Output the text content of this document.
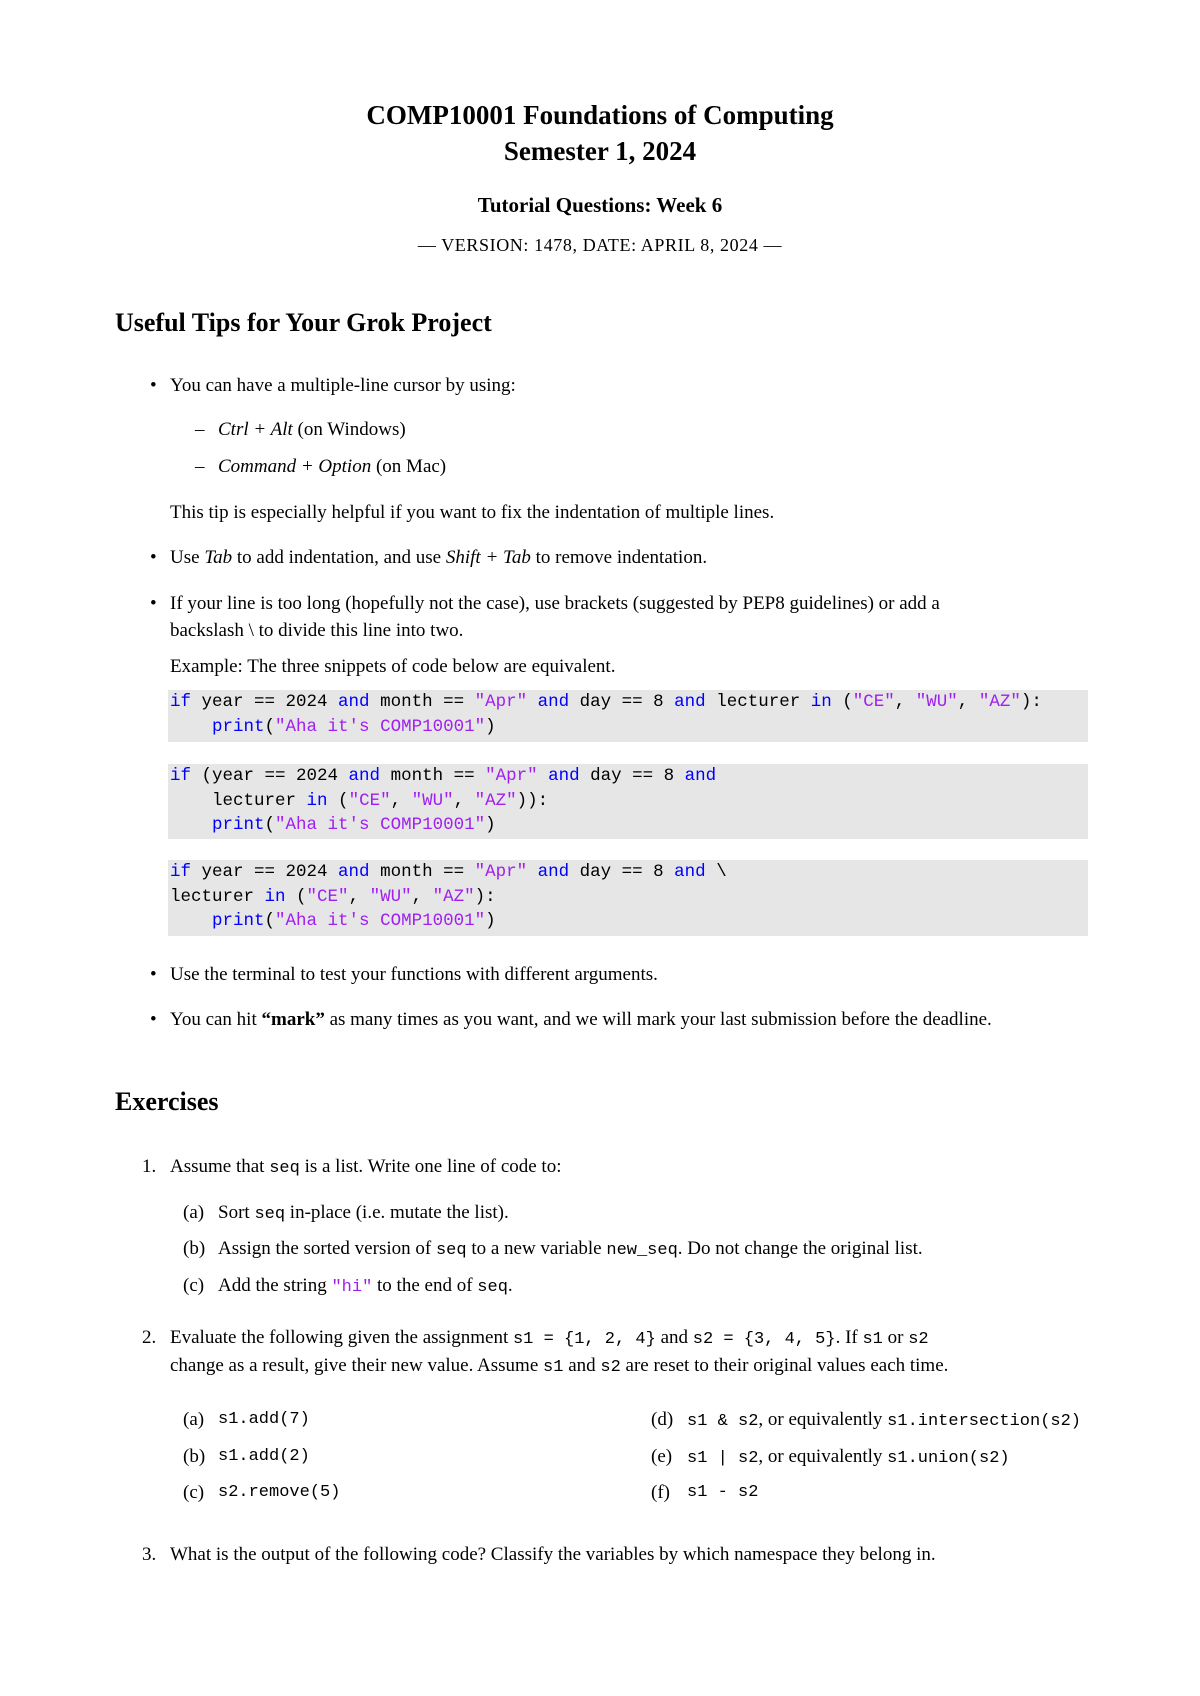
COMP10001 Foundations of Computing
Semester 1, 2024
Tutorial Questions: Week 6
— VERSION: 1478, DATE: APRIL 8, 2024 —
Useful Tips for Your Grok Project
• You can have a multiple-line cursor by using:

– Ctrl + Alt (on Windows)

– Command + Option (on Mac)

This tip is especially helpful if you want to fix the indentation of multiple lines.

• Use Tab to add indentation, and use Shift + Tab to remove indentation.

• If your line is too long (hopefully not the case), use brackets (suggested by PEP8 guidelines) or add a

backslash \ to divide this line into two.

Example: The three snippets of code below are equivalent.

if year == 2024 and month == "Apr" and day == 8 and lecturer in ("CE", "WU", "AZ"):
print("Aha it's COMP10001")
if (year == 2024 and month == "Apr" and day == 8 and
lecturer in ("CE", "WU", "AZ")):
print("Aha it's COMP10001")
if year == 2024 and month == "Apr" and day == 8 and \
lecturer in ("CE", "WU", "AZ"):
print("Aha it's COMP10001")
• Use the terminal to test your functions with different arguments.

• You can hit “mark” as many times as you want, and we will mark your last submission before the deadline.

Exercises
1. Assume that seq is a list. Write one line of code to:

(a) Sort seq in-place (i.e. mutate the list).

(b) Assign the sorted version of seq to a new variable new_seq. Do not change the original list.

(c) Add the string "hi" to the end of seq.

2. Evaluate the following given the assignment s1 = {1, 2, 4} and s2 = {3, 4, 5}. If s1 or s2

change as a result, give their new value. Assume s1 and s2 are reset to their original values each time.

(a) s1.add(7)
(b) s1.add(2)
(c) s2.remove(5)
(d) s1 & s2, or equivalently s1.intersection(s2)

(e) s1 | s2, or equivalently s1.union(s2)

(f) s1 - s2
3. What is the output of the following code? Classify the variables by which namespace they belong in.
